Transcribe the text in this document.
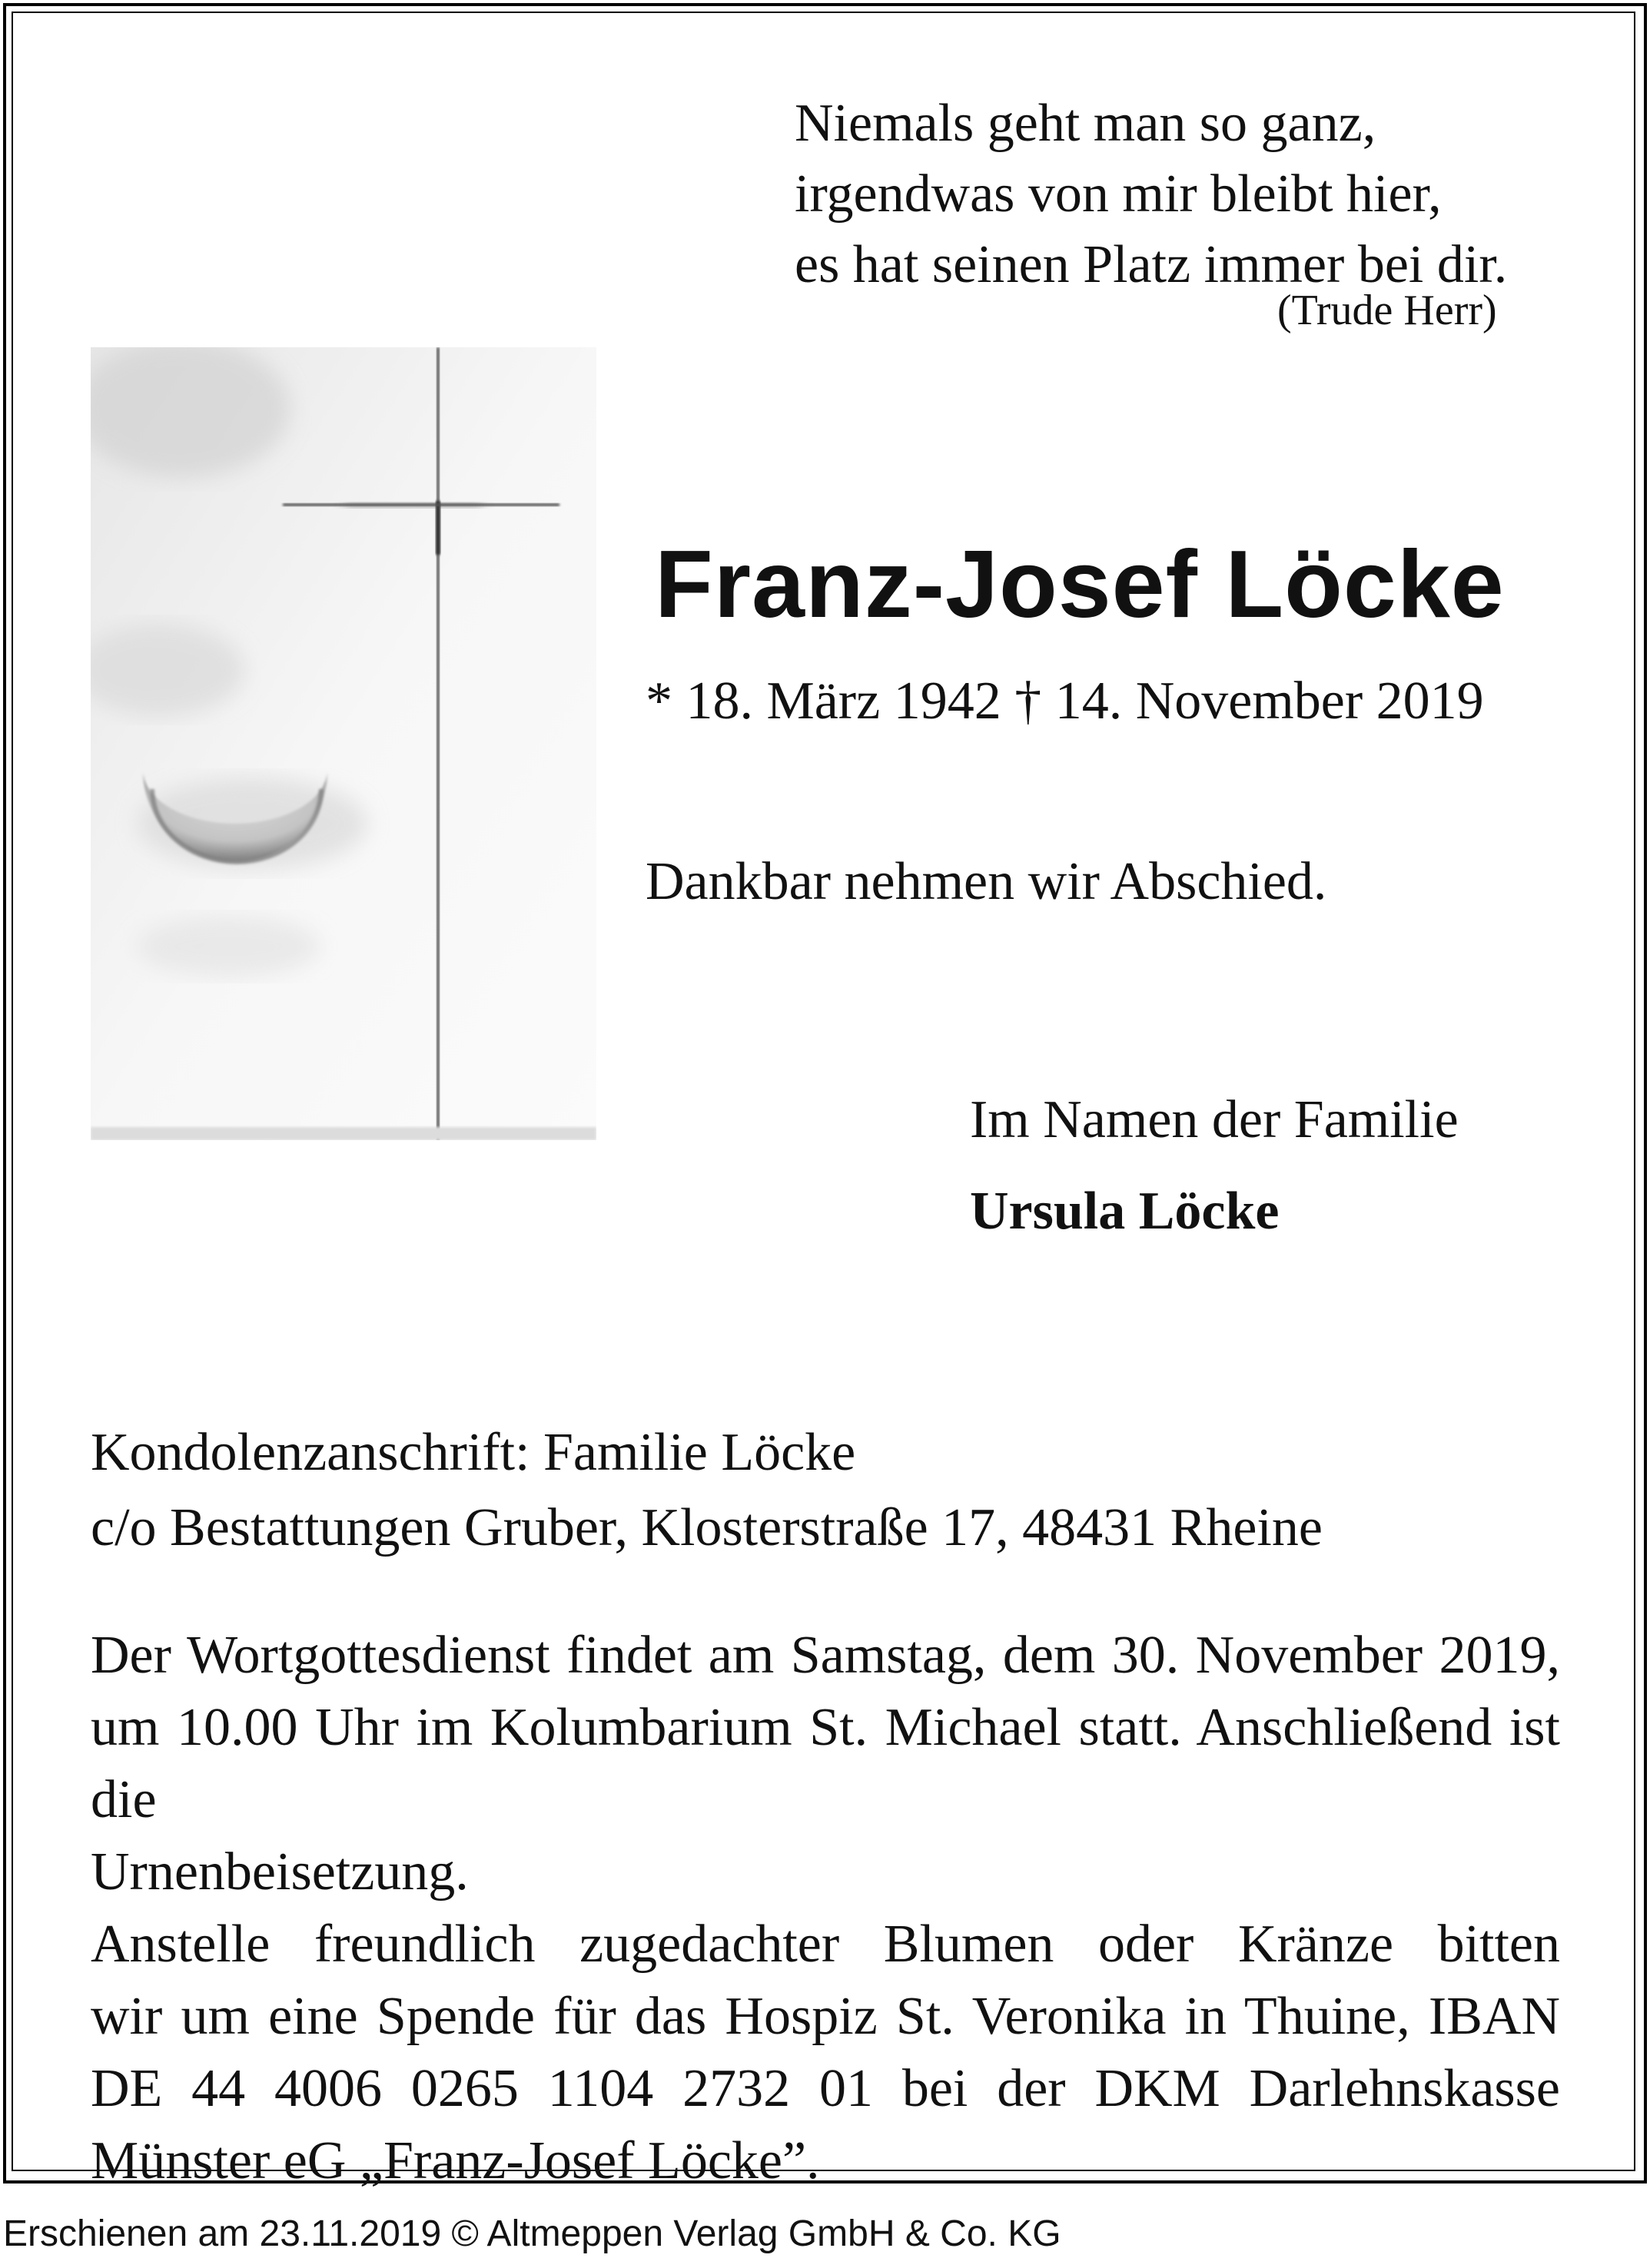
Niemals geht man so ganz,
irgendwas von mir bleibt hier,
es hat seinen Platz immer bei dir.
(Trude Herr)
Franz-Josef Löcke
* 18. März 1942 † 14. November 2019
Dankbar nehmen wir Abschied.
Im Namen der Familie
Ursula Löcke
Kondolenzanschrift: Familie Löcke
c/o Bestattungen Gruber, Klosterstraße 17, 48431 Rheine
Der Wortgottesdienst findet am Samstag, dem 30. November 2019,
um 10.00 Uhr im Kolumbarium St. Michael statt. Anschließend ist die
Urnenbeisetzung.
Anstelle freundlich zugedachter Blumen oder Kränze bitten
wir um eine Spende für das Hospiz St. Veronika in Thuine, IBAN
DE 44 4006 0265 1104 2732 01 bei der DKM Darlehnskasse
Münster eG „Franz-Josef Löcke”.
Erschienen am 23.11.2019 © Altmeppen Verlag GmbH & Co. KG
